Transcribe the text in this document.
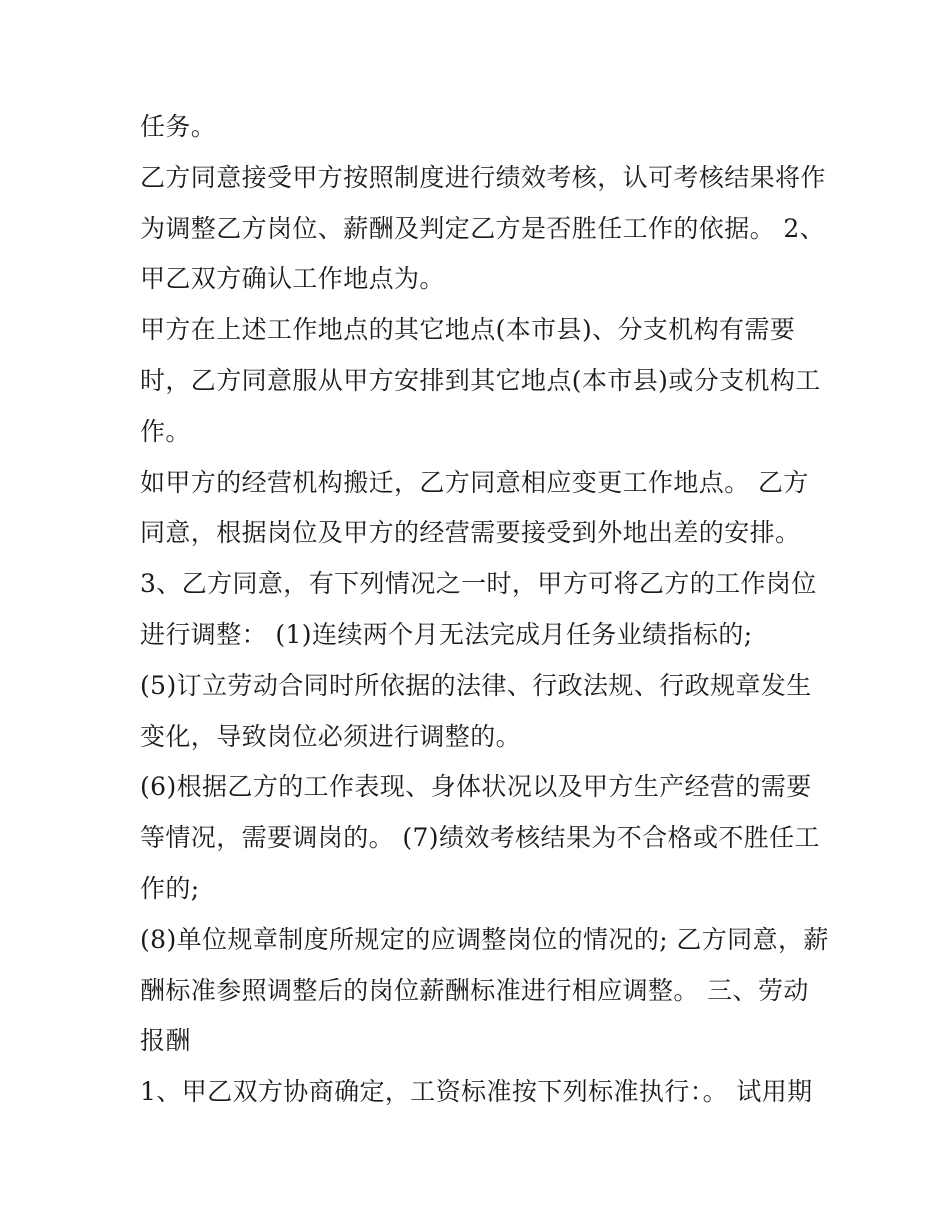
任务。
乙方同意接受甲方按照制度进行绩效考核，认可考核结果将作
为调整乙方岗位、薪酬及判定乙方是否胜任工作的依据。 2、
甲乙双方确认工作地点为。
甲方在上述工作地点的其它地点(本市县)、分支机构有需要
时，乙方同意服从甲方安排到其它地点(本市县)或分支机构工
作。
如甲方的经营机构搬迁，乙方同意相应变更工作地点。 乙方
同意，根据岗位及甲方的经营需要接受到外地出差的安排。
3、乙方同意，有下列情况之一时，甲方可将乙方的工作岗位
进行调整： (1)连续两个月无法完成月任务业绩指标的;
(5)订立劳动合同时所依据的法律、行政法规、行政规章发生
变化，导致岗位必须进行调整的。
(6)根据乙方的工作表现、身体状况以及甲方生产经营的需要
等情况，需要调岗的。 (7)绩效考核结果为不合格或不胜任工
作的;
(8)单位规章制度所规定的应调整岗位的情况的; 乙方同意，薪
酬标准参照调整后的岗位薪酬标准进行相应调整。 三、劳动
报酬
1、甲乙双方协商确定，工资标准按下列标准执行：。 试用期
